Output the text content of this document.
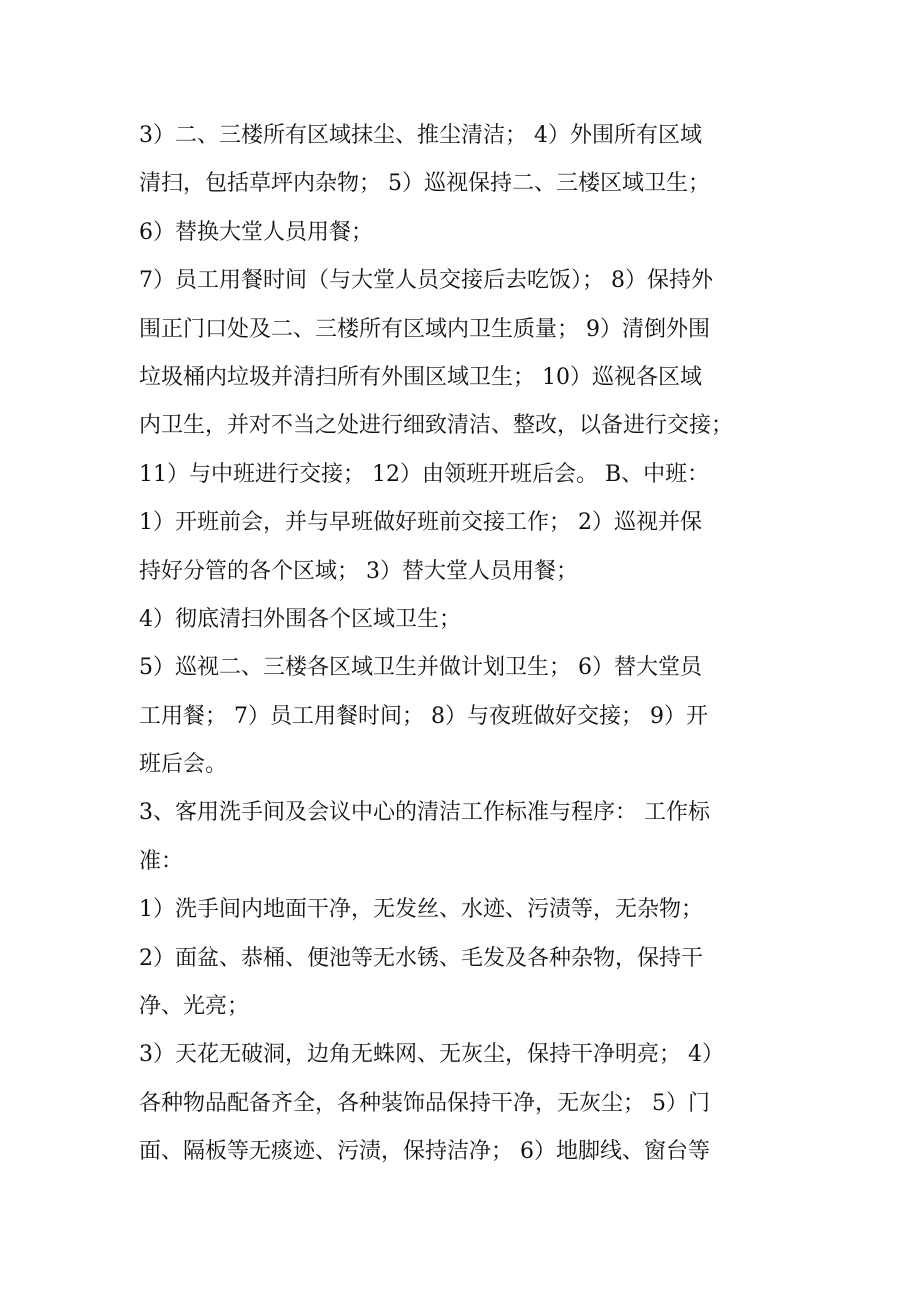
3）二、三楼所有区域抹尘、推尘清洁； 4）外围所有区域
清扫，包括草坪内杂物； 5）巡视保持二、三楼区域卫生；
6）替换大堂人员用餐；
7）员工用餐时间（与大堂人员交接后去吃饭）； 8）保持外
围正门口处及二、三楼所有区域内卫生质量； 9）清倒外围
垃圾桶内垃圾并清扫所有外围区域卫生； 10）巡视各区域
内卫生，并对不当之处进行细致清洁、整改，以备进行交接；
11）与中班进行交接； 12）由领班开班后会。 B、中班：
1）开班前会，并与早班做好班前交接工作； 2）巡视并保
持好分管的各个区域； 3）替大堂人员用餐；
4）彻底清扫外围各个区域卫生；
5）巡视二、三楼各区域卫生并做计划卫生； 6）替大堂员
工用餐； 7）员工用餐时间； 8）与夜班做好交接； 9）开
班后会。
3、客用洗手间及会议中心的清洁工作标准与程序： 工作标
准：
1）洗手间内地面干净，无发丝、水迹、污渍等，无杂物；
2）面盆、恭桶、便池等无水锈、毛发及各种杂物，保持干
净、光亮；
3）天花无破洞，边角无蛛网、无灰尘，保持干净明亮； 4）
各种物品配备齐全，各种装饰品保持干净，无灰尘； 5）门
面、隔板等无痰迹、污渍，保持洁净； 6）地脚线、窗台等
